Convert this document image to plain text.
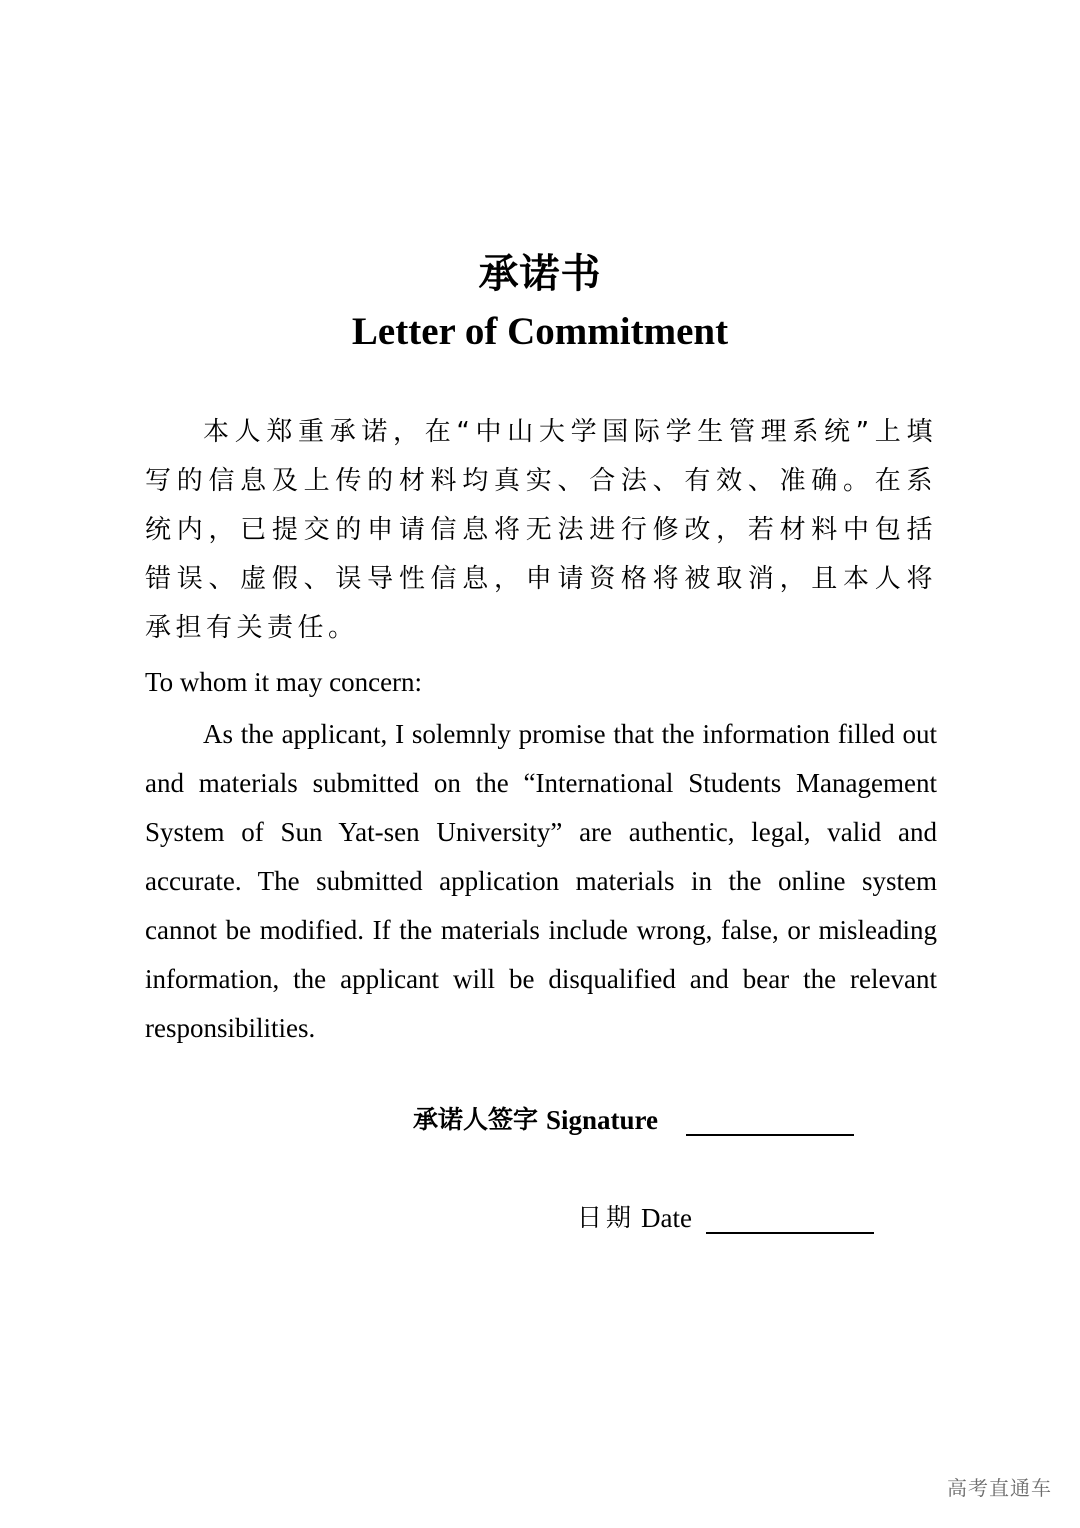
承诺书
Letter of Commitment
本人郑重承诺，在“中山大学国际学生管理系统”上填写的信息及上传的材料均真实、合法、有效、准确。在系统内，已提交的申请信息将无法进行修改，若材料中包括错误、虚假、误导性信息，申请资格将被取消，且本人将承担有关责任。
To whom it may concern:
As the applicant, I solemnly promise that the information filled out and materials submitted on the “International Students Management System of Sun Yat-sen University” are authentic, legal, valid and accurate. The submitted application materials in the online system cannot be modified. If the materials include wrong, false, or misleading information, the applicant will be disqualified and bear the relevant responsibilities.
承诺人签字 Signature
日期 Date
高考直通车
